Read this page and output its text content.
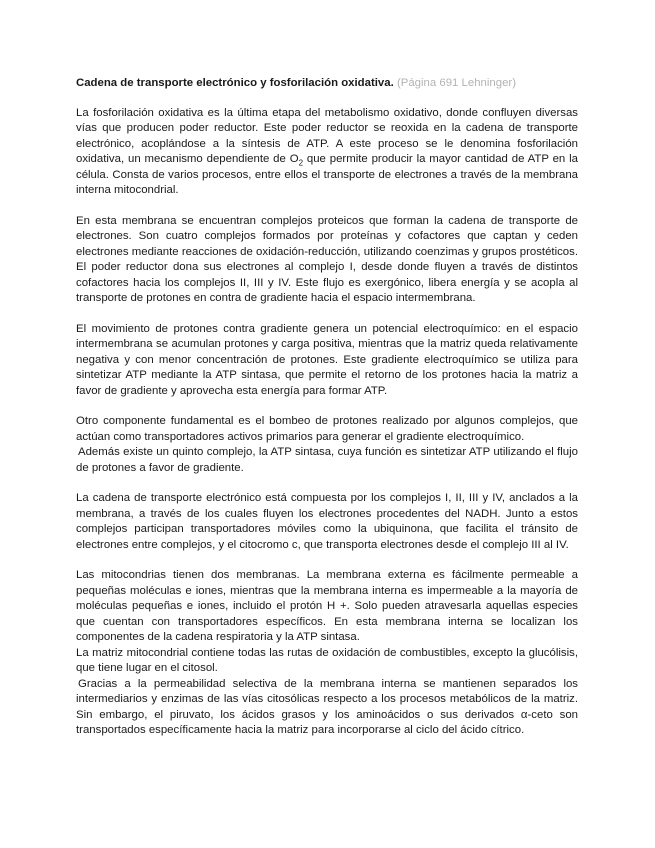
Cadena de transporte electrónico y fosforilación oxidativa. (Página 691 Lehninger)

La fosforilación oxidativa es la última etapa del metabolismo oxidativo, donde confluyen diversas vías que producen poder reductor. Este poder reductor se reoxida en la cadena de transporte electrónico, acoplándose a la síntesis de ATP. A este proceso se le denomina fosforilación oxidativa, un mecanismo dependiente de $O_2$ que permite producir la mayor cantidad de ATP en la célula. Consta de varios procesos, entre ellos el transporte de electrones a través de la membrana interna mitocondrial.

En esta membrana se encuentran complejos proteicos que forman la cadena de transporte de electrones. Son cuatro complejos formados por proteínas y cofactores que captan y ceden electrones mediante reacciones de oxidación-reducción, utilizando coenzimas y grupos prostéticos. El poder reductor dona sus electrones al complejo I, desde donde fluyen a través de distintos cofactores hacia los complejos II, III y IV. Este flujo es exergónico, libera energía y se acopla al transporte de protones en contra de gradiente hacia el espacio intermembrana.

El movimiento de protones contra gradiente genera un potencial electroquímico: en el espacio intermembrana se acumulan protones y carga positiva, mientras que la matriz queda relativamente negativa y con menor concentración de protones. Este gradiente electroquímico se utiliza para sintetizar ATP mediante la ATP sintasa, que permite el retorno de los protones hacia la matriz a favor de gradiente y aprovecha esta energía para formar ATP.

Otro componente fundamental es el bombeo de protones realizado por algunos complejos, que actúan como transportadores activos primarios para generar el gradiente electroquímico.

Además existe un quinto complejo, la ATP sintasa, cuya función es sintetizar ATP utilizando el flujo de protones a favor de gradiente.

La cadena de transporte electrónico está compuesta por los complejos I, II, III y IV, anclados a la membrana, a través de los cuales fluyen los electrones procedentes del NADH. Junto a estos complejos participan transportadores móviles como la ubiquinona, que facilita el tránsito de electrones entre complejos, y el citocromo c, que transporta electrones desde el complejo III al IV.

Las mitocondrias tienen dos membranas. La membrana externa es fácilmente permeable a pequeñas moléculas e iones, mientras que la membrana interna es impermeable a la mayoría de moléculas pequeñas e iones, incluido el protón H +. Solo pueden atravesarla aquellas especies que cuentan con transportadores específicos. En esta membrana interna se localizan los componentes de la cadena respiratoria y la ATP sintasa.

La matriz mitocondrial contiene todas las rutas de oxidación de combustibles, excepto la glucólisis, que tiene lugar en el citosol.

Gracias a la permeabilidad selectiva de la membrana interna se mantienen separados los intermediarios y enzimas de las vías citosólicas respecto a los procesos metabólicos de la matriz. Sin embargo, el piruvato, los ácidos grasos y los aminoácidos o sus derivados α-ceto son transportados específicamente hacia la matriz para incorporarse al ciclo del ácido cítrico.
